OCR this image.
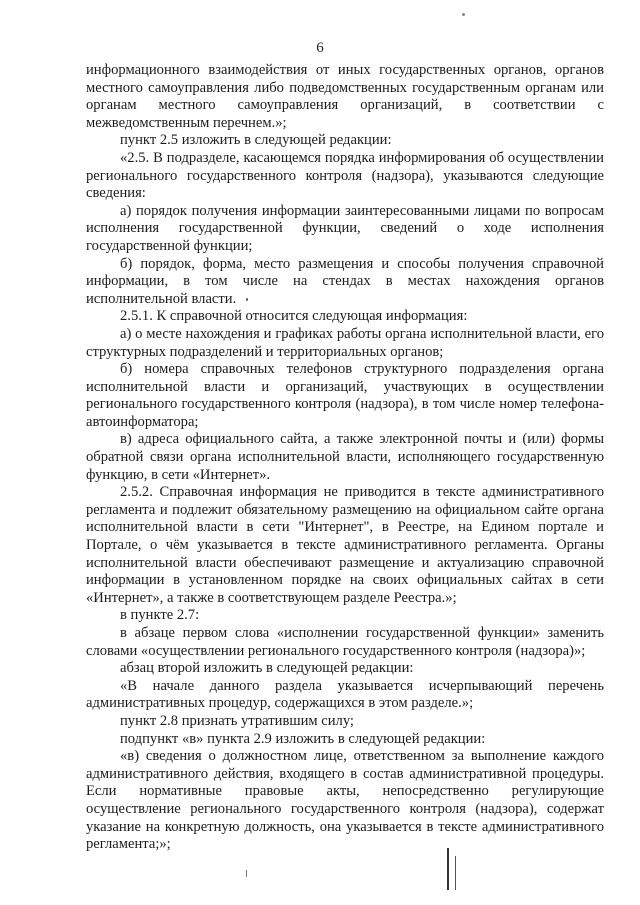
6

информационного взаимодействия от иных государственных органов, органов местного самоуправления либо подведомственных государственным органам или органам местного самоуправления организаций, в соответствии с межведомственным перечнем.»;

пункт 2.5 изложить в следующей редакции:

«2.5. В подразделе, касающемся порядка информирования об осуществлении регионального государственного контроля (надзора), указываются следующие сведения:

а) порядок получения информации заинтересованными лицами по вопросам исполнения государственной функции, сведений о ходе исполнения государственной функции;

б) порядок, форма, место размещения и способы получения справочной информации, в том числе на стендах в местах нахождения органов исполнительной власти.

2.5.1. К справочной относится следующая информация:

а) о месте нахождения и графиках работы органа исполнительной власти, его структурных подразделений и территориальных органов;

б) номера справочных телефонов структурного подразделения органа исполнительной власти и организаций, участвующих в осуществлении регионального государственного контроля (надзора), в том числе номер телефона-автоинформатора;

в) адреса официального сайта, а также электронной почты и (или) формы обратной связи органа исполнительной власти, исполняющего государственную функцию, в сети «Интернет».

2.5.2. Справочная информация не приводится в тексте административного регламента и подлежит обязательному размещению на официальном сайте органа исполнительной власти в сети "Интернет", в Реестре, на Едином портале и Портале, о чём указывается в тексте административного регламента. Органы исполнительной власти обеспечивают размещение и актуализацию справочной информации в установленном порядке на своих официальных сайтах в сети «Интернет», а также в соответствующем разделе Реестра.»;

в пункте 2.7:

в абзаце первом слова «исполнении государственной функции» заменить словами «осуществлении регионального государственного контроля (надзора)»;

абзац второй изложить в следующей редакции:

«В начале данного раздела указывается исчерпывающий перечень административных процедур, содержащихся в этом разделе.»;

пункт 2.8 признать утратившим силу;

подпункт «в» пункта 2.9 изложить в следующей редакции:

«в) сведения о должностном лице, ответственном за выполнение каждого административного действия, входящего в состав административной процедуры. Если нормативные правовые акты, непосредственно регулирующие осуществление регионального государственного контроля (надзора), содержат указание на конкретную должность, она указывается в тексте административного регламента;»;
